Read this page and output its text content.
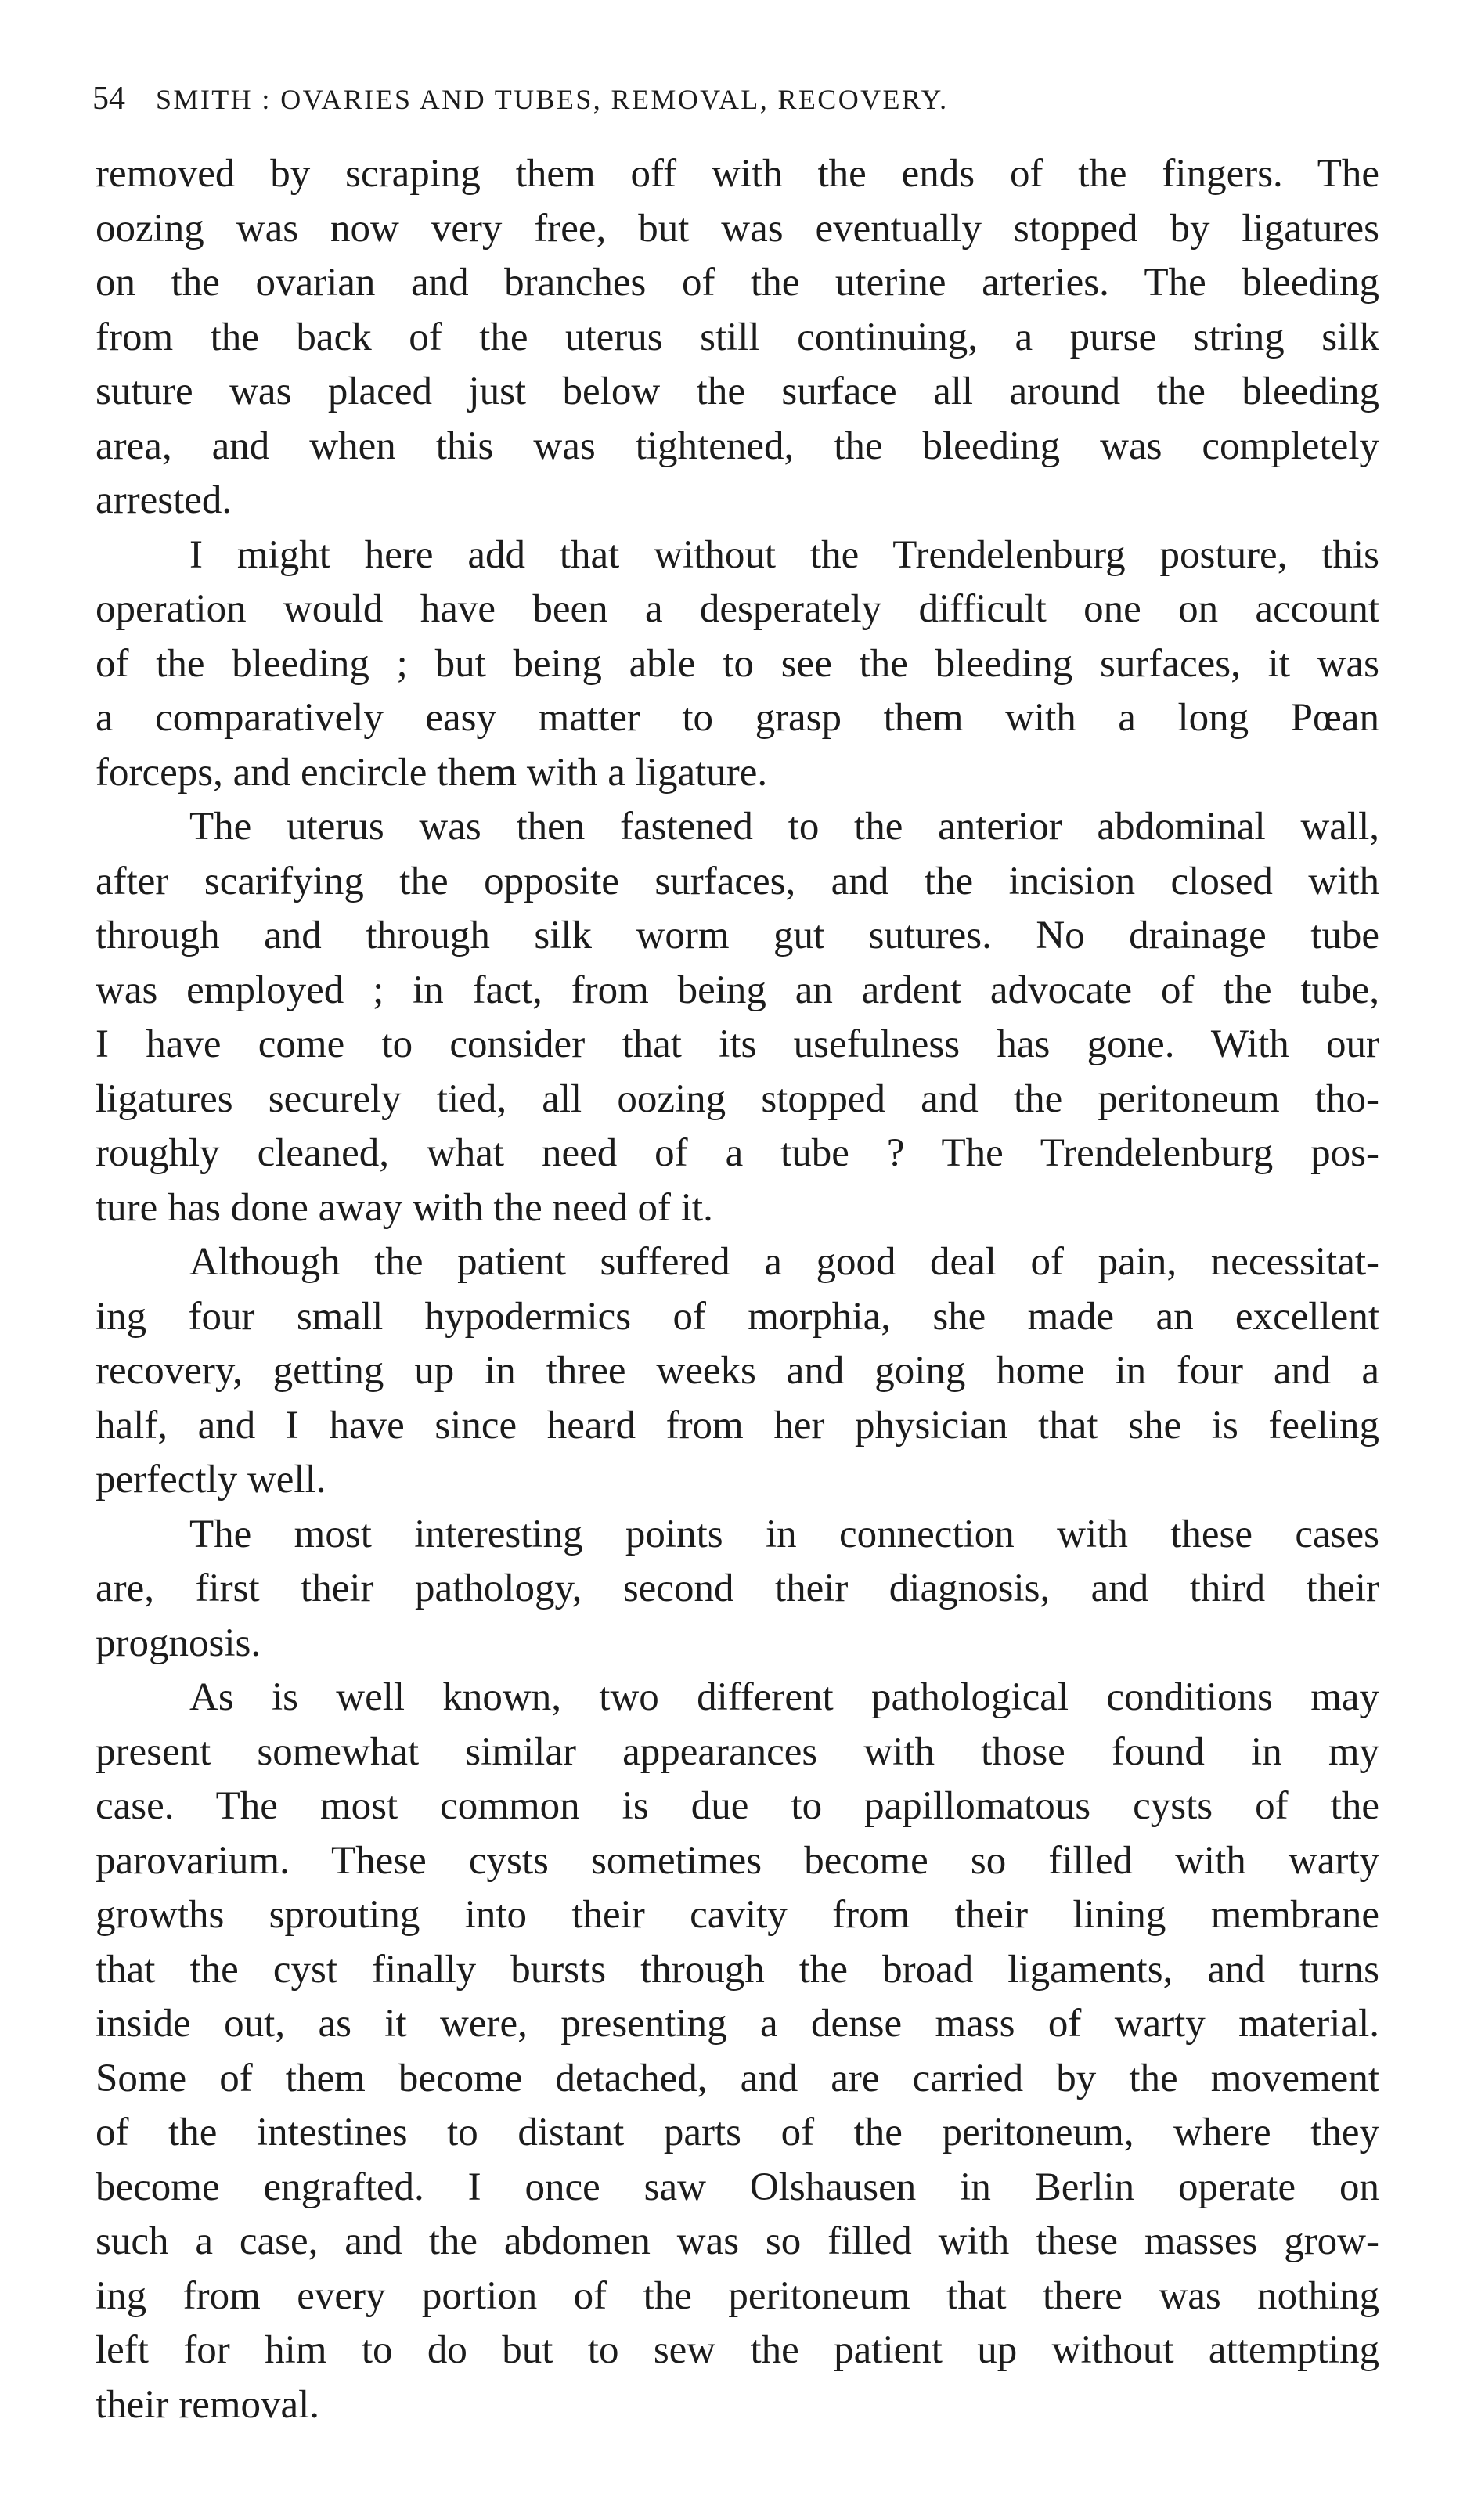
54 SMITH : OVARIES AND TUBES, REMOVAL, RECOVERY.
removed by scraping them off with the ends of the fingers. The
oozing was now very free, but was eventually stopped by ligatures
on the ovarian and branches of the uterine arteries. The bleeding
from the back of the uterus still continuing, a purse string silk
suture was placed just below the surface all around the bleeding
area, and when this was tightened, the bleeding was completely
arrested.
I might here add that without the Trendelenburg posture, this
operation would have been a desperately difficult one on account
of the bleeding ; but being able to see the bleeding surfaces, it was
a comparatively easy matter to grasp them with a long Pœan
forceps, and encircle them with a ligature.
The uterus was then fastened to the anterior abdominal wall,
after scarifying the opposite surfaces, and the incision closed with
through and through silk worm gut sutures. No drainage tube
was employed ; in fact, from being an ardent advocate of the tube,
I have come to consider that its usefulness has gone. With our
ligatures securely tied, all oozing stopped and the peritoneum tho-
roughly cleaned, what need of a tube ? The Trendelenburg pos-
ture has done away with the need of it.
Although the patient suffered a good deal of pain, necessitat-
ing four small hypodermics of morphia, she made an excellent
recovery, getting up in three weeks and going home in four and a
half, and I have since heard from her physician that she is feeling
perfectly well.
The most interesting points in connection with these cases
are, first their pathology, second their diagnosis, and third their
prognosis.
As is well known, two different pathological conditions may
present somewhat similar appearances with those found in my
case. The most common is due to papillomatous cysts of the
parovarium. These cysts sometimes become so filled with warty
growths sprouting into their cavity from their lining membrane
that the cyst finally bursts through the broad ligaments, and turns
inside out, as it were, presenting a dense mass of warty material.
Some of them become detached, and are carried by the movement
of the intestines to distant parts of the peritoneum, where they
become engrafted. I once saw Olshausen in Berlin operate on
such a case, and the abdomen was so filled with these masses grow-
ing from every portion of the peritoneum that there was nothing
left for him to do but to sew the patient up without attempting
their removal.
